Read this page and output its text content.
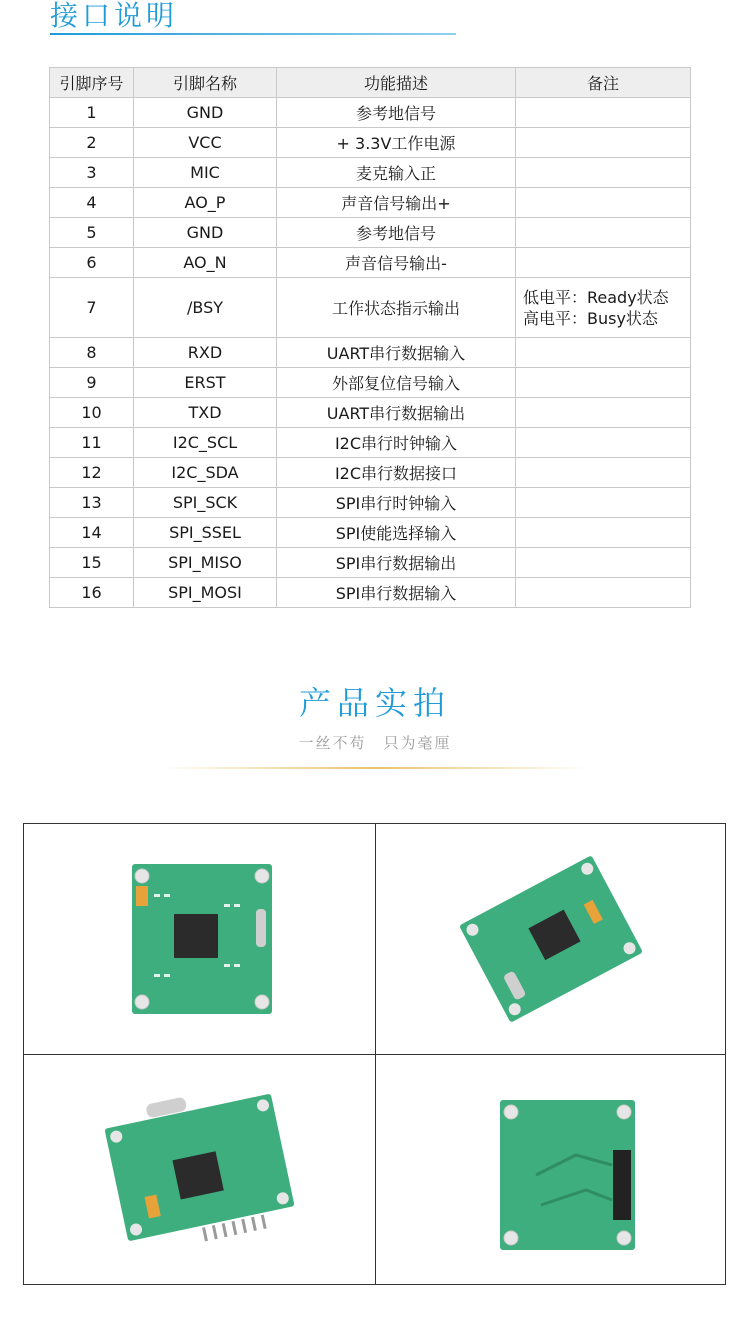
接口说明
引脚序号	引脚名称	功能描述	备注
1	GND	参考地信号	
2	VCC	+ 3.3V工作电源	
3	MIC	麦克输入正	
4	AO_P	声音信号输出+	
5	GND	参考地信号	
6	AO_N	声音信号输出-	
7	/BSY	工作状态指示输出	低电平：Ready状态
高电平：Busy状态

8	RXD	UART串行数据输入	
9	ERST	外部复位信号输入	
10	TXD	UART串行数据输出	
11	I2C_SCL	I2C串行时钟输入	
12	I2C_SDA	I2C串行数据接口	
13	SPI_SCK	SPI串行时钟输入	
14	SPI_SSEL	SPI使能选择输入	
15	SPI_MISO	SPI串行数据输出	
16	SPI_MOSI	SPI串行数据输入	
产品实拍
一丝不苟　只为毫厘
